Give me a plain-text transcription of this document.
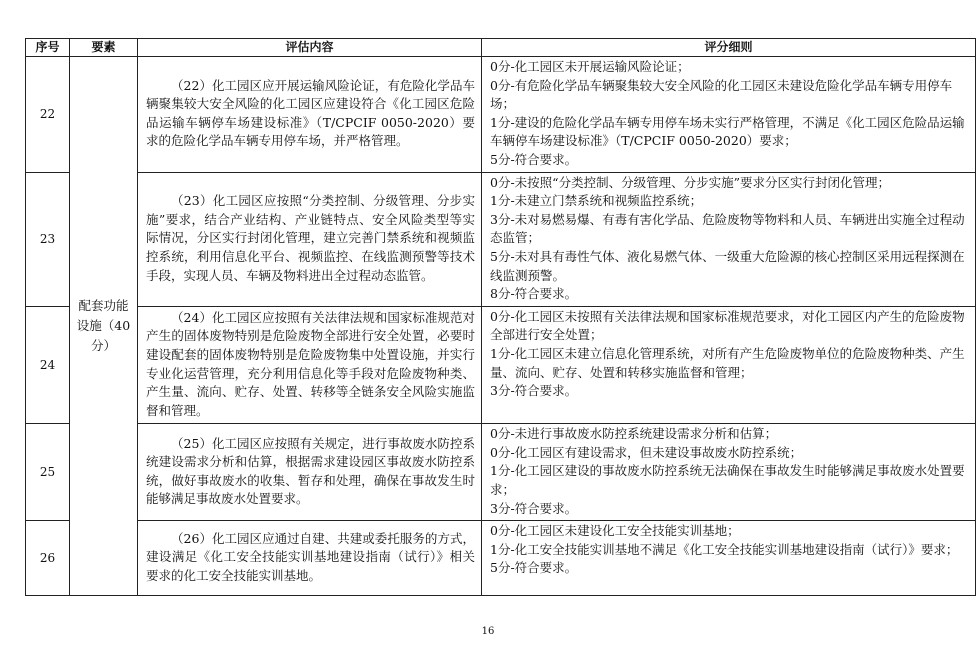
序号	要素	评估内容	评分细则
22	配套功能设施（40分）	（22）化工园区应开展运输风险论证，有危险化学品车辆聚集较大安全风险的化工园区应建设符合《化工园区危险品运输车辆停车场建设标准》（T/CPCIF 0050-2020）要求的危险化学品车辆专用停车场，并严格管理。	0分-化工园区未开展运输风险论证；
0分-有危险化学品车辆聚集较大安全风险的化工园区未建设危险化学品车辆专用停车场；
1分-建设的危险化学品车辆专用停车场未实行严格管理，不满足《化工园区危险品运输车辆停车场建设标准》（T/CPCIF 0050-2020）要求；
5分-符合要求。

23		（23）化工园区应按照“分类控制、分级管理、分步实施”要求，结合产业结构、产业链特点、安全风险类型等实际情况，分区实行封闭化管理，建立完善门禁系统和视频监控系统，利用信息化平台、视频监控、在线监测预警等技术手段，实现人员、车辆及物料进出全过程动态监管。	0分-未按照“分类控制、分级管理、分步实施”要求分区实行封闭化管理；
1分-未建立门禁系统和视频监控系统；
3分-未对易燃易爆、有毒有害化学品、危险废物等物料和人员、车辆进出实施全过程动态监管；
5分-未对具有毒性气体、液化易燃气体、一级重大危险源的核心控制区采用远程探测在线监测预警。
8分-符合要求。

24		（24）化工园区应按照有关法律法规和国家标准规范对产生的固体废物特别是危险废物全部进行安全处置，必要时建设配套的固体废物特别是危险废物集中处置设施，并实行专业化运营管理，充分利用信息化等手段对危险废物种类、产生量、流向、贮存、处置、转移等全链条安全风险实施监督和管理。	0分-化工园区未按照有关法律法规和国家标准规范要求，对化工园区内产生的危险废物全部进行安全处置；
1分-化工园区未建立信息化管理系统，对所有产生危险废物单位的危险废物种类、产生量、流向、贮存、处置和转移实施监督和管理；
3分-符合要求。

25		（25）化工园区应按照有关规定，进行事故废水防控系统建设需求分析和估算，根据需求建设园区事故废水防控系统，做好事故废水的收集、暂存和处理，确保在事故发生时能够满足事故废水处置要求。	0分-未进行事故废水防控系统建设需求分析和估算；
0分-化工园区有建设需求，但未建设事故废水防控系统；
1分-化工园区建设的事故废水防控系统无法确保在事故发生时能够满足事故废水处置要求；
3分-符合要求。

26		（26）化工园区应通过自建、共建或委托服务的方式，建设满足《化工安全技能实训基地建设指南（试行）》相关要求的化工安全技能实训基地。	0分-化工园区未建设化工安全技能实训基地；
1分-化工安全技能实训基地不满足《化工安全技能实训基地建设指南（试行）》要求；
5分-符合要求。
16
